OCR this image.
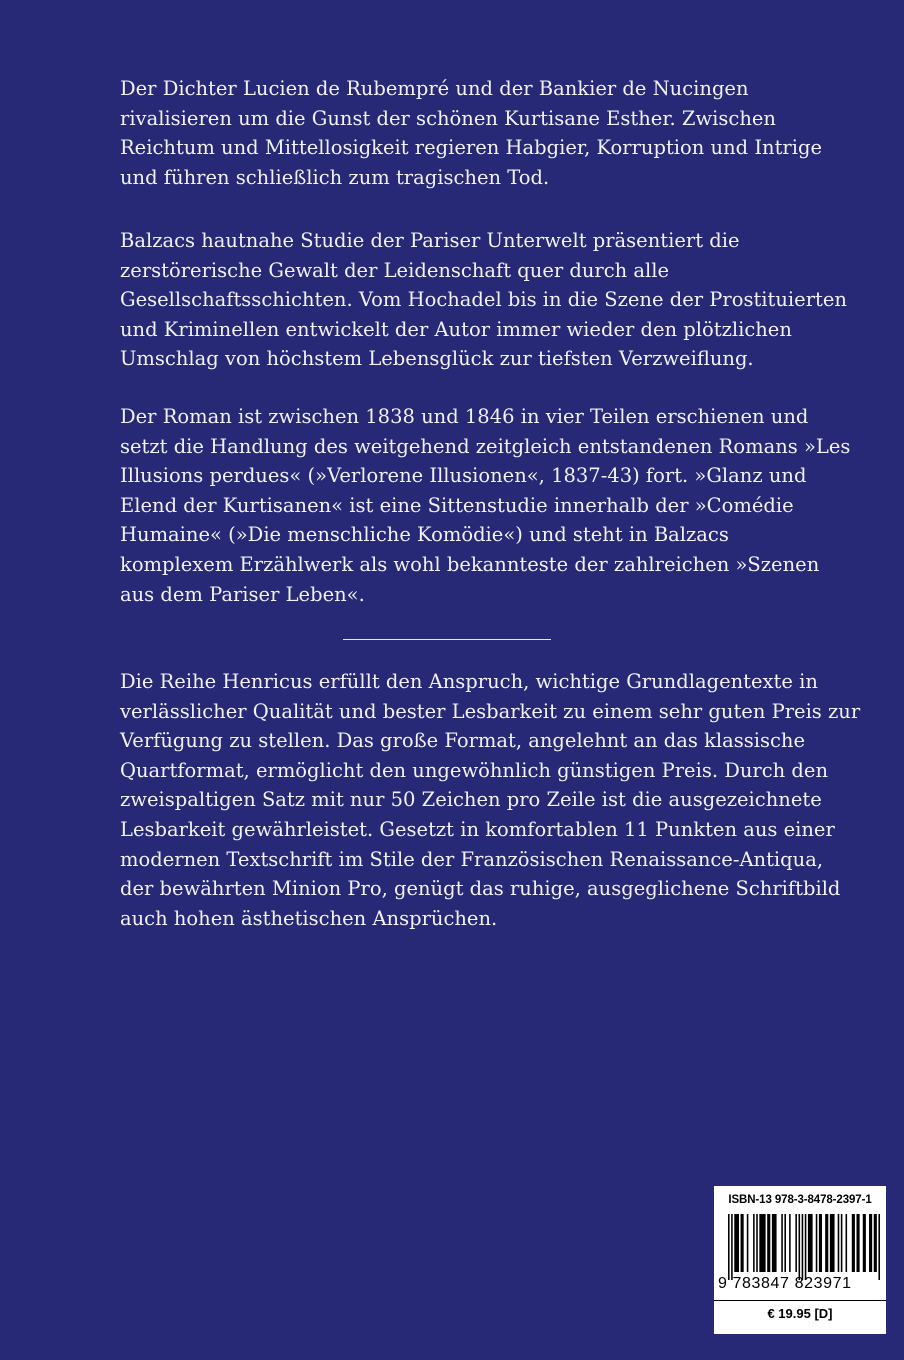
Der Dichter Lucien de Rubempré und der Bankier de Nucingen
rivalisieren um die Gunst der schönen Kurtisane Esther. Zwischen
Reichtum und Mittellosigkeit regieren Habgier, Korruption und Intrige
und führen schließlich zum tragischen Tod.
Balzacs hautnahe Studie der Pariser Unterwelt präsentiert die
zerstörerische Gewalt der Leidenschaft quer durch alle
Gesellschaftsschichten. Vom Hochadel bis in die Szene der Prostituierten
und Kriminellen entwickelt der Autor immer wieder den plötzlichen
Umschlag von höchstem Lebensglück zur tiefsten Verzweiflung.
Der Roman ist zwischen 1838 und 1846 in vier Teilen erschienen und
setzt die Handlung des weitgehend zeitgleich entstandenen Romans »Les
Illusions perdues« (»Verlorene Illusionen«, 1837-43) fort. »Glanz und
Elend der Kurtisanen« ist eine Sittenstudie innerhalb der »Comédie
Humaine« (»Die menschliche Komödie«) und steht in Balzacs
komplexem Erzählwerk als wohl bekannteste der zahlreichen »Szenen
aus dem Pariser Leben«.
Die Reihe Henricus erfüllt den Anspruch, wichtige Grundlagentexte in
verlässlicher Qualität und bester Lesbarkeit zu einem sehr guten Preis zur
Verfügung zu stellen. Das große Format, angelehnt an das klassische
Quartformat, ermöglicht den ungewöhnlich günstigen Preis. Durch den
zweispaltigen Satz mit nur 50 Zeichen pro Zeile ist die ausgezeichnete
Lesbarkeit gewährleistet. Gesetzt in komfortablen 11 Punkten aus einer
modernen Textschrift im Stile der Französischen Renaissance-Antiqua,
der bewährten Minion Pro, genügt das ruhige, ausgeglichene Schriftbild
auch hohen ästhetischen Ansprüchen.
ISBN-13 978-3-8478-2397-1
9 783847 823971
€ 19.95 [D]
